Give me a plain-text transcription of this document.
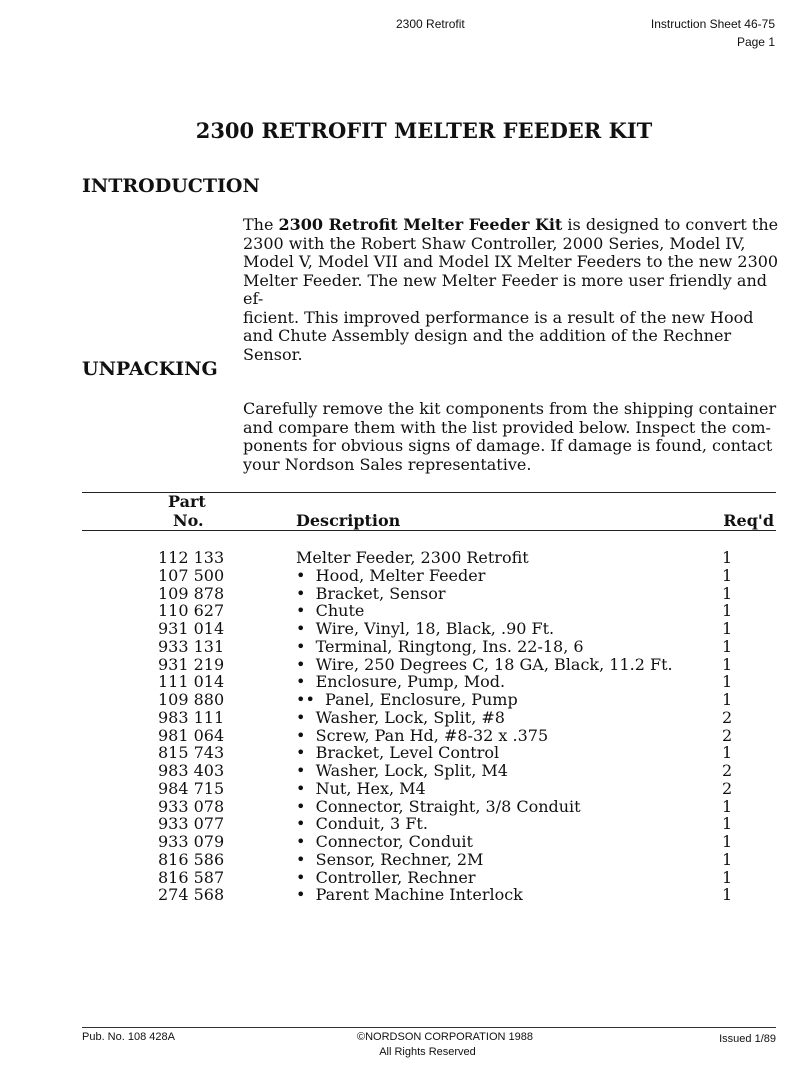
2300 Retrofit	Instruction Sheet 46-75
Page 1
2300 RETROFIT MELTER FEEDER KIT
INTRODUCTION
The 2300 Retrofit Melter Feeder Kit is designed to convert the
2300 with the Robert Shaw Controller, 2000 Series, Model IV,
Model V, Model VII and Model IX Melter Feeders to the new 2300
Melter Feeder. The new Melter Feeder is more user friendly and ef-
ficient. This improved performance is a result of the new Hood
and Chute Assembly design and the addition of the Rechner
Sensor.
UNPACKING
Carefully remove the kit components from the shipping container
and compare them with the list provided below. Inspect the com-
ponents for obvious signs of damage. If damage is found, contact
your Nordson Sales representative.
Part
No.	Description	Req'd
112 133	Melter Feeder, 2300 Retrofit	1
107 500	•  Hood, Melter Feeder	1
109 878	•  Bracket, Sensor	1
110 627	•  Chute	1
931 014	•  Wire, Vinyl, 18, Black, .90 Ft.	1
933 131	•  Terminal, Ringtong, Ins. 22-18, 6	1
931 219	•  Wire, 250 Degrees C, 18 GA, Black, 11.2 Ft.	1
111 014	•  Enclosure, Pump, Mod.	1
109 880	••  Panel, Enclosure, Pump	1
983 111	•  Washer, Lock, Split, #8	2
981 064	•  Screw, Pan Hd, #8-32 x .375	2
815 743	•  Bracket, Level Control	1
983 403	•  Washer, Lock, Split, M4	2
984 715	•  Nut, Hex, M4	2
933 078	•  Connector, Straight, 3/8 Conduit	1
933 077	•  Conduit, 3 Ft.	1
933 079	•  Connector, Conduit	1
816 586	•  Sensor, Rechner, 2M	1
816 587	•  Controller, Rechner	1
274 568	•  Parent Machine Interlock	1
Pub. No. 108 428A	©NORDSON CORPORATION 1988
All Rights Reserved
Issued 1/89
